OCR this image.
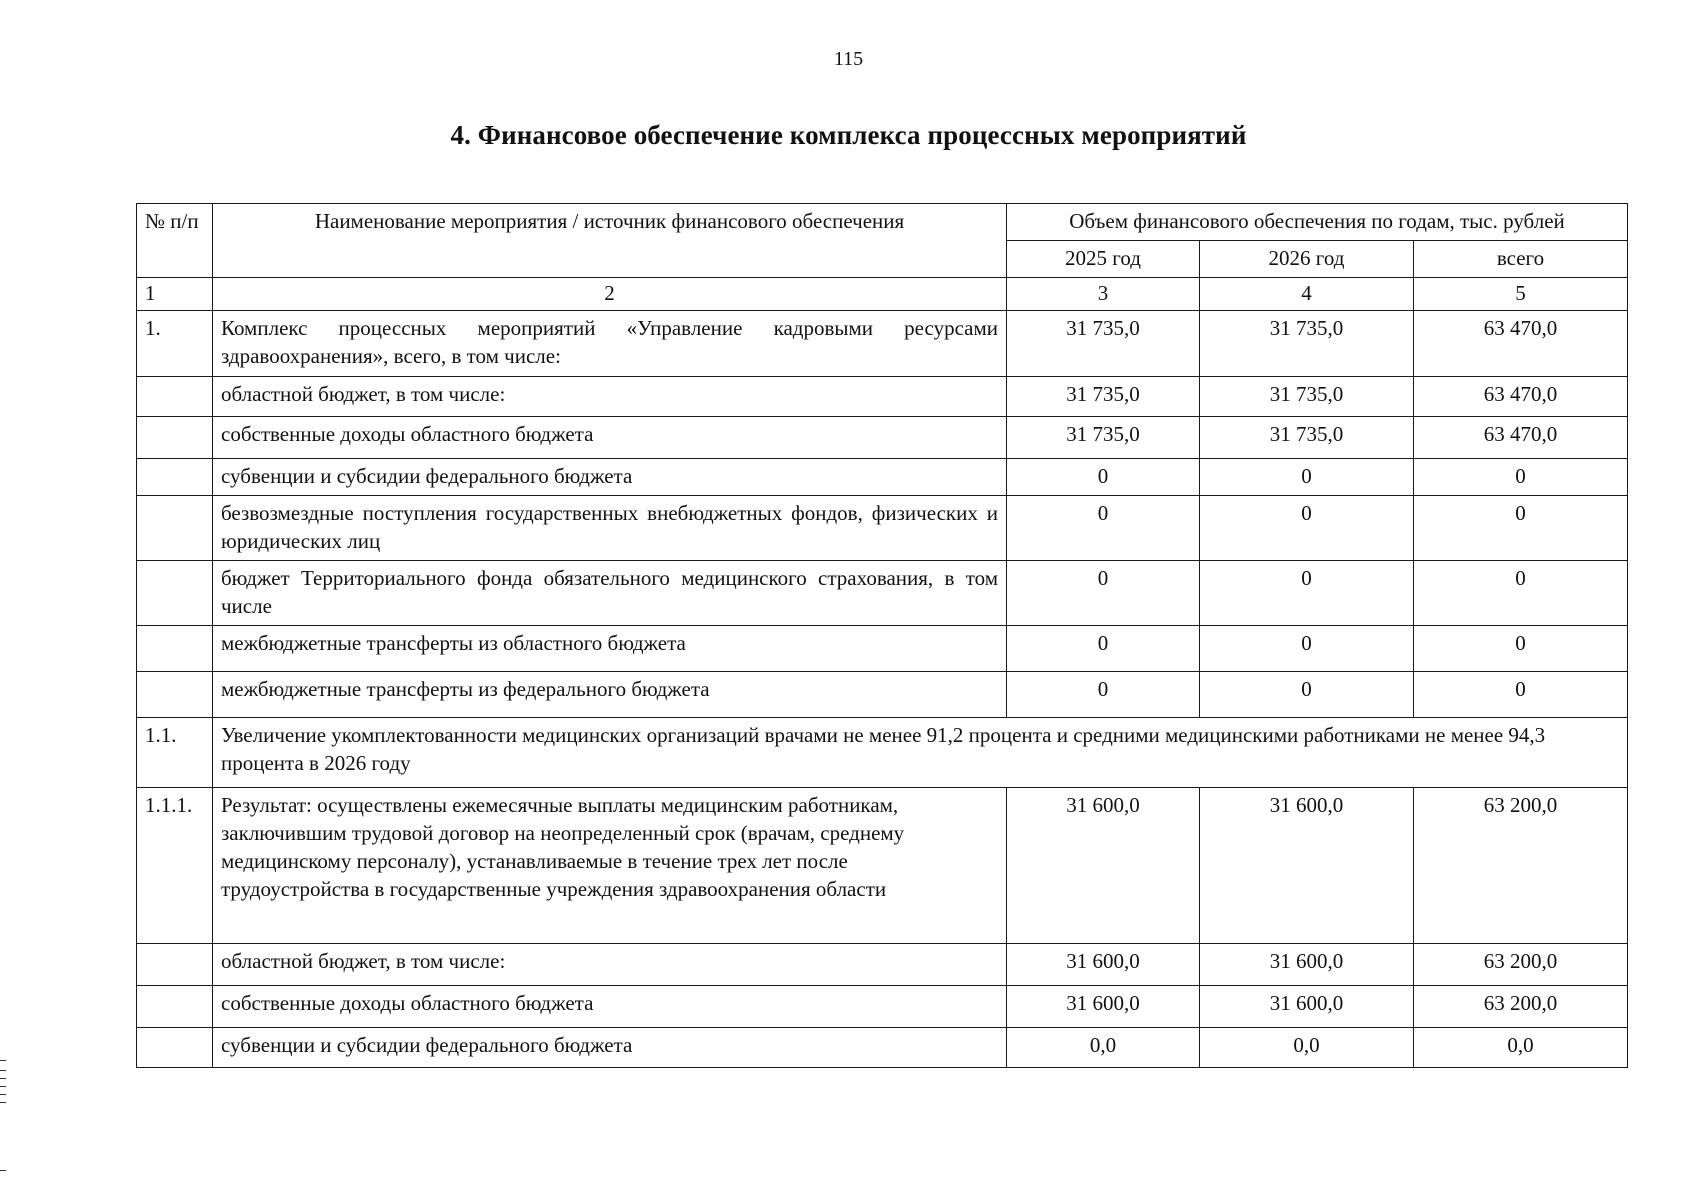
115
4. Финансовое обеспечение комплекса процессных мероприятий
№ п/п	Наименование мероприятия / источник финансового обеспечения	Объем финансового обеспечения по годам, тыс. рублей		
		2025 год	2026 год	всего
1	2	3	4	5
1.	Комплекс процессных мероприятий «Управление кадровыми ресурсами здравоохранения», всего, в том числе:	31 735,0	31 735,0	63 470,0
	областной бюджет, в том числе:	31 735,0	31 735,0	63 470,0
	собственные доходы областного бюджета	31 735,0	31 735,0	63 470,0
	субвенции и субсидии федерального бюджета	0	0	0
	безвозмездные поступления государственных внебюджетных фондов, физических и юридических лиц	0	0	0
	бюджет Территориального фонда обязательного медицинского страхования, в том числе	0	0	0
	межбюджетные трансферты из областного бюджета	0	0	0
	межбюджетные трансферты из федерального бюджета	0	0	0
1.1.	Увеличение укомплектованности медицинских организаций врачами не менее 91,2 процента и средними медицинскими работниками не менее 94,3 процента в 2026 году			
1.1.1.	Результат: осуществлены ежемесячные выплаты медицинским работникам, заключившим трудовой договор на неопределенный срок (врачам, среднему медицинскому персоналу), устанавливаемые в течение трех лет после трудоустройства в государственные учреждения здравоохранения области	31 600,0	31 600,0	63 200,0
	областной бюджет, в том числе:	31 600,0	31 600,0	63 200,0
	собственные доходы областного бюджета	31 600,0	31 600,0	63 200,0
	субвенции и субсидии федерального бюджета	0,0	0,0	0,0
